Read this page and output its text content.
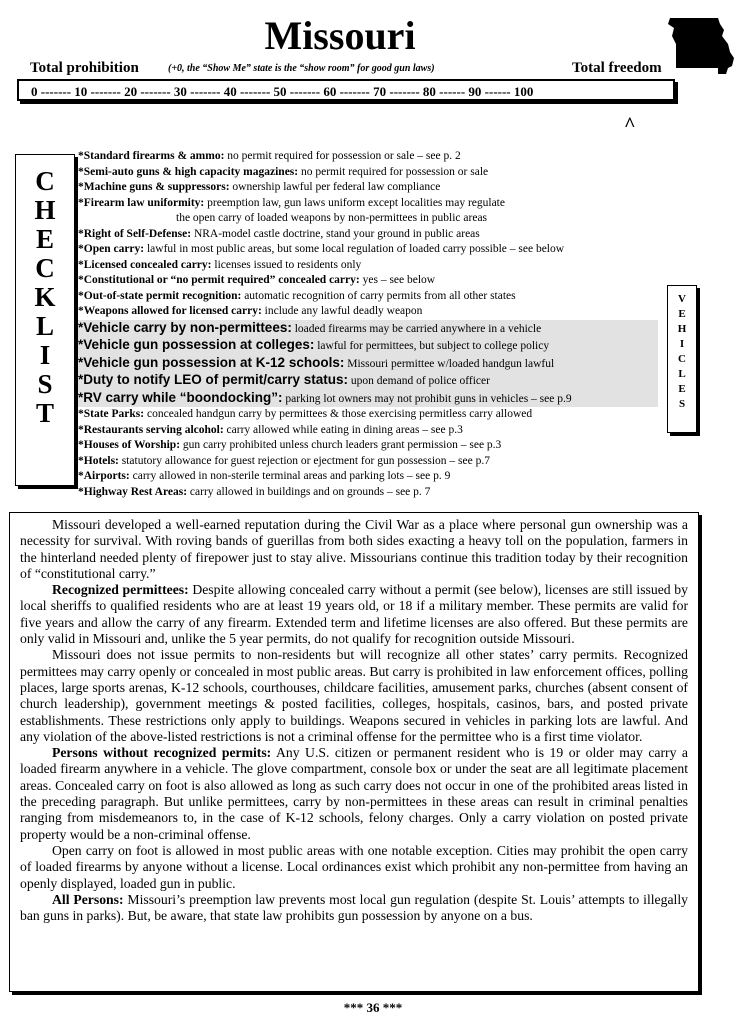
Missouri
Total prohibition	(+0, the “Show Me” state is the “show room” for good gun laws)	Total freedom
0 ------- 10 ------- 20 ------- 30 ------- 40 ------- 50 ------- 60 ------- 70 ------- 80 ------ 90 ------ 100
^
C
H
E
C
K
L
I
S
T
*Standard firearms & ammo: no permit required for possession or sale – see p. 2
*Semi-auto guns & high capacity magazines: no permit required for possession or sale
*Machine guns & suppressors: ownership lawful per federal law compliance
*Firearm law uniformity: preemption law, gun laws uniform except localities may regulate
the open carry of loaded weapons by non-permittees in public areas
*Right of Self-Defense: NRA-model castle doctrine, stand your ground in public areas
*Open carry: lawful in most public areas, but some local regulation of loaded carry possible – see below
*Licensed concealed carry: licenses issued to residents only
*Constitutional or “no permit required” concealed carry: yes – see below
*Out-of-state permit recognition: automatic recognition of carry permits from all other states
*Weapons allowed for licensed carry: include any lawful deadly weapon
*Vehicle carry by non-permittees: loaded firearms may be carried anywhere in a vehicle
*Vehicle gun possession at colleges: lawful for permittees, but subject to college policy
*Vehicle gun possession at K-12 schools: Missouri permittee w/loaded handgun lawful
*Duty to notify LEO of permit/carry status: upon demand of police officer
*RV carry while “boondocking”: parking lot owners may not prohibit guns in vehicles – see p.9
*State Parks: concealed handgun carry by permittees & those exercising permitless carry allowed
*Restaurants serving alcohol: carry allowed while eating in dining areas – see p.3
*Houses of Worship: gun carry prohibited unless church leaders grant permission – see p.3
*Hotels: statutory allowance for guest rejection or ejectment for gun possession – see p.7
*Airports: carry allowed in non-sterile terminal areas and parking lots – see p. 9
*Highway Rest Areas: carry allowed in buildings and on grounds – see p. 7
V
E
H
I
C
L
E
S

Missouri developed a well-earned reputation during the Civil War as a place where personal gun ownership was a necessity for survival. With roving bands of guerillas from both sides exacting a heavy toll on the population, farmers in the hinterland needed plenty of firepower just to stay alive. Missourians continue this tradition today by their recognition of “constitutional carry.”

Recognized permittees: Despite allowing concealed carry without a permit (see below), licenses are still issued by local sheriffs to qualified residents who are at least 19 years old, or 18 if a military member. These permits are valid for five years and allow the carry of any firearm. Extended term and lifetime licenses are also offered. But these permits are only valid in Missouri and, unlike the 5 year permits, do not qualify for recognition outside Missouri.

Missouri does not issue permits to non-residents but will recognize all other states’ carry permits. Recognized permittees may carry openly or concealed in most public areas. But carry is prohibited in law enforcement offices, polling places, large sports arenas, K-12 schools, courthouses, childcare facilities, amusement parks, churches (absent consent of church leadership), government meetings & posted facilities, colleges, hospitals, casinos, bars, and posted private establishments. These restrictions only apply to buildings. Weapons secured in vehicles in parking lots are lawful. And any violation of the above-listed restrictions is not a criminal offense for the permittee who is a first time violator.

Persons without recognized permits: Any U.S. citizen or permanent resident who is 19 or older may carry a loaded firearm anywhere in a vehicle. The glove compartment, console box or under the seat are all legitimate placement areas. Concealed carry on foot is also allowed as long as such carry does not occur in one of the prohibited areas listed in the preceding paragraph. But unlike permittees, carry by non-permittees in these areas can result in criminal penalties ranging from misdemeanors to, in the case of K-12 schools, felony charges. Only a carry violation on posted private property would be a non-criminal offense.

Open carry on foot is allowed in most public areas with one notable exception. Cities may prohibit the open carry of loaded firearms by anyone without a license. Local ordinances exist which prohibit any non-permittee from having an openly displayed, loaded gun in public.

All Persons: Missouri’s preemption law prevents most local gun regulation (despite St. Louis’ attempts to illegally ban guns in parks). But, be aware, that state law prohibits gun possession by anyone on a bus.

*** 36 ***
